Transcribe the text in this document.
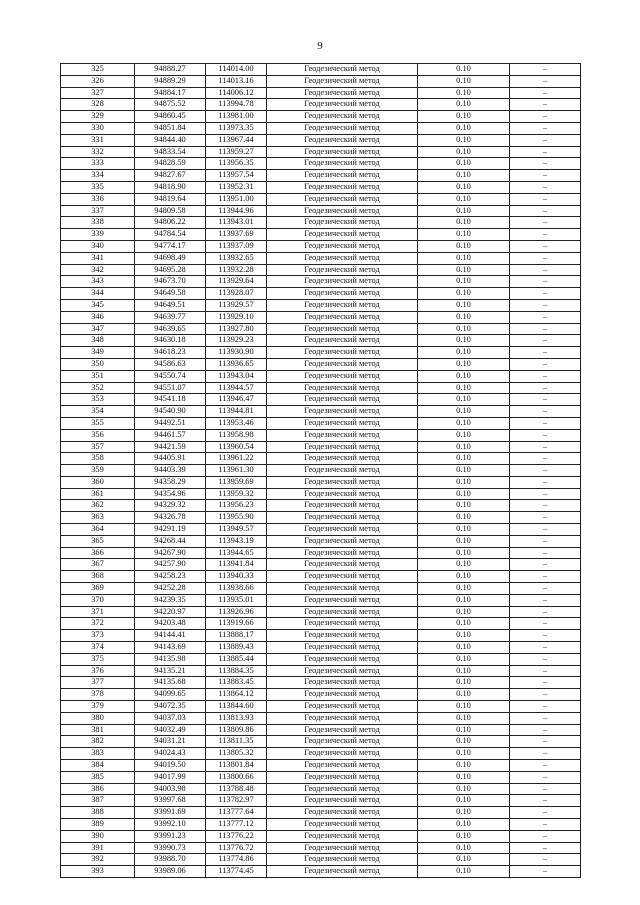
9
325	94888.27	114014.00	Геодезический метод	0.10	–
326	94889.29	114013.16	Геодезический метод	0.10	–
327	94884.17	114006.12	Геодезический метод	0.10	–
328	94875.52	113994.78	Геодезический метод	0.10	–
329	94860.45	113981.00	Геодезический метод	0.10	–
330	94851.84	113973.35	Геодезический метод	0.10	–
331	94844.40	113967.44	Геодезический метод	0.10	–
332	94833.54	113959.27	Геодезический метод	0.10	–
333	94828.59	113956.35	Геодезический метод	0.10	–
334	94827.67	113957.54	Геодезический метод	0.10	–
335	94818.90	113952.31	Геодезический метод	0.10	–
336	94819.64	113951.00	Геодезический метод	0.10	–
337	94809.58	113944.96	Геодезический метод	0.10	–
338	94806.22	113943.01	Геодезический метод	0.10	–
339	94784.54	113937.69	Геодезический метод	0.10	–
340	94774.17	113937.09	Геодезический метод	0.10	–
341	94698.49	113932.65	Геодезический метод	0.10	–
342	94695.28	113932.28	Геодезический метод	0.10	–
343	94673.70	113929.64	Геодезический метод	0.10	–
344	94649.58	113928.07	Геодезический метод	0.10	–
345	94649.51	113929.57	Геодезический метод	0.10	–
346	94639.77	113929.10	Геодезический метод	0.10	–
347	94639.65	113927.80	Геодезический метод	0.10	–
348	94630.18	113929.23	Геодезический метод	0.10	–
349	94618.23	113930.90	Геодезический метод	0.10	–
350	94586.63	113936.65	Геодезический метод	0.10	–
351	94550.74	113943.04	Геодезический метод	0.10	–
352	94551.07	113944.57	Геодезический метод	0.10	–
353	94541.18	113946.47	Геодезический метод	0.10	–
354	94540.90	113944.81	Геодезический метод	0.10	–
355	94492.51	113953.46	Геодезический метод	0.10	–
356	94461.57	113958.98	Геодезический метод	0.10	–
357	94421.59	113960.54	Геодезический метод	0.10	–
358	94405.91	113961.22	Геодезический метод	0.10	–
359	94403.39	113961.30	Геодезический метод	0.10	–
360	94358.29	113959.69	Геодезический метод	0.10	–
361	94354.96	113959.32	Геодезический метод	0.10	–
362	94329.32	113956.23	Геодезический метод	0.10	–
363	94326.78	113955.90	Геодезический метод	0.10	–
364	94291.19	113949.57	Геодезический метод	0.10	–
365	94268.44	113943.19	Геодезический метод	0.10	–
366	94267.90	113944.65	Геодезический метод	0.10	–
367	94257.90	113941.84	Геодезический метод	0.10	–
368	94258.23	113940.33	Геодезический метод	0.10	–
369	94252.28	113938.66	Геодезический метод	0.10	–
370	94239.35	113935.01	Геодезический метод	0.10	–
371	94220.97	113926.96	Геодезический метод	0.10	–
372	94203.48	113919.66	Геодезический метод	0.10	–
373	94144.41	113888.17	Геодезический метод	0.10	–
374	94143.69	113889.43	Геодезический метод	0.10	–
375	94135.98	113885.44	Геодезический метод	0.10	–
376	94135.21	113884.35	Геодезический метод	0.10	–
377	94135.68	113883.45	Геодезический метод	0.10	–
378	94099.65	113864.12	Геодезический метод	0.10	–
379	94072.35	113844.60	Геодезический метод	0.10	–
380	94037.03	113813.93	Геодезический метод	0.10	–
381	94032.49	113809.86	Геодезический метод	0.10	–
382	94031.21	113811.35	Геодезический метод	0.10	–
383	94024.43	113805.32	Геодезический метод	0.10	–
384	94019.50	113801.84	Геодезический метод	0.10	–
385	94017.99	113800.66	Геодезический метод	0.10	–
386	94003.98	113788.48	Геодезический метод	0.10	–
387	93997.68	113782.97	Геодезический метод	0.10	–
388	93991.69	113777.64	Геодезический метод	0.10	–
389	93992.10	113777.12	Геодезический метод	0.10	–
390	93991.23	113776.22	Геодезический метод	0.10	–
391	93990.73	113776.72	Геодезический метод	0.10	–
392	93988.70	113774.86	Геодезический метод	0.10	–
393	93989.06	113774.45	Геодезический метод	0.10	–
